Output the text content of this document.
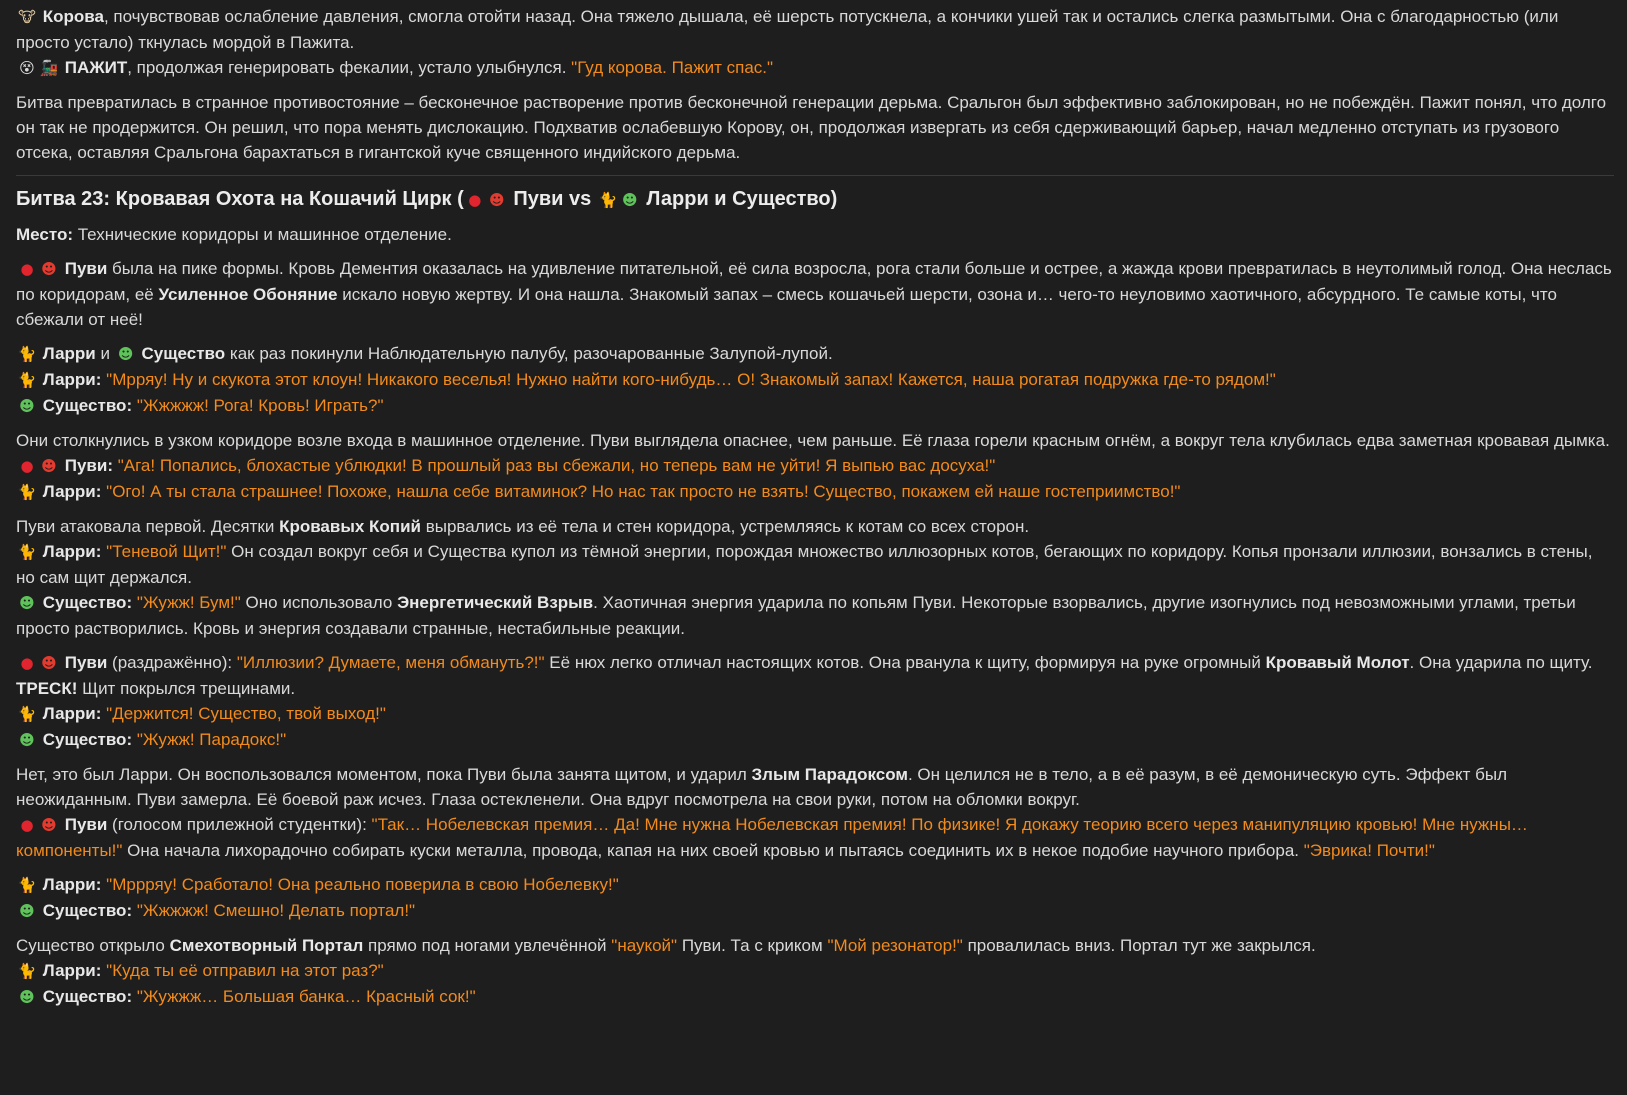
🐮 Корова, почувствовав ослабление давления, смогла отойти назад. Она тяжело дышала, её шерсть потускнела, а кончики ушей так и остались слегка размытыми. Она с благодарностью (или просто устало) ткнулась мордой в Пажита.

😵 🚂 ПАЖИТ, продолжая генерировать фекалии, устало улыбнулся. "Гуд корова. Пажит спас."

Битва превратилась в странное противостояние – бесконечное растворение против бесконечной генерации дерьма. Сральгон был эффективно заблокирован, но не побеждён. Пажит понял, что долго он так не продержится. Он решил, что пора менять дислокацию. Подхватив ослабевшую Корову, он, продолжая извергать из себя сдерживающий барьер, начал медленно отступать из грузового отсека, оставляя Сральгона барахтаться в гигантской куче священного индийского дерьма.

Битва 23: Кровавая Охота на Кошачий Цирк ( ● ☻ Пуви vs 🐈 ☻ Ларри и Существо)

Место: Технические коридоры и машинное отделение.

● ☻ Пуви была на пике формы. Кровь Дементия оказалась на удивление питательной, её сила возросла, рога стали больше и острее, а жажда крови превратилась в неутолимый голод. Она неслась по коридорам, её Усиленное Обоняние искало новую жертву. И она нашла. Знакомый запах – смесь кошачьей шерсти, озона и… чего-то неуловимо хаотичного, абсурдного. Те самые коты, что сбежали от неё!

🐈 Ларри и ☻ Существо как раз покинули Наблюдательную палубу, разочарованные Залупой-лупой.

🐈 Ларри: "Мрряу! Ну и скукота этот клоун! Никакого веселья! Нужно найти кого-нибудь… О! Знакомый запах! Кажется, наша рогатая подружка где-то рядом!"

☻ Существо: "Жжжжж! Рога! Кровь! Играть?"

Они столкнулись в узком коридоре возле входа в машинное отделение. Пуви выглядела опаснее, чем раньше. Её глаза горели красным огнём, а вокруг тела клубилась едва заметная кровавая дымка.

● ☻ Пуви: "Ага! Попались, блохастые ублюдки! В прошлый раз вы сбежали, но теперь вам не уйти! Я выпью вас досуха!"

🐈 Ларри: "Ого! А ты стала страшнее! Похоже, нашла себе витаминок? Но нас так просто не взять! Существо, покажем ей наше гостеприимство!"

Пуви атаковала первой. Десятки Кровавых Копий вырвались из её тела и стен коридора, устремляясь к котам со всех сторон.

🐈 Ларри: "Теневой Щит!" Он создал вокруг себя и Существа купол из тёмной энергии, порождая множество иллюзорных котов, бегающих по коридору. Копья пронзали иллюзии, вонзались в стены, но сам щит держался.

☻ Существо: "Жужж! Бум!" Оно использовало Энергетический Взрыв. Хаотичная энергия ударила по копьям Пуви. Некоторые взорвались, другие изогнулись под невозможными углами, третьи просто растворились. Кровь и энергия создавали странные, нестабильные реакции.

● ☻ Пуви (раздражённо): "Иллюзии? Думаете, меня обмануть?!" Её нюх легко отличал настоящих котов. Она рванула к щиту, формируя на руке огромный Кровавый Молот. Она ударила по щиту. ТРЕСК! Щит покрылся трещинами.

🐈 Ларри: "Держится! Существо, твой выход!"

☻ Существо: "Жужж! Парадокс!"

Нет, это был Ларри. Он воспользовался моментом, пока Пуви была занята щитом, и ударил Злым Парадоксом. Он целился не в тело, а в её разум, в её демоническую суть. Эффект был неожиданным. Пуви замерла. Её боевой раж исчез. Глаза остекленели. Она вдруг посмотрела на свои руки, потом на обломки вокруг.

● ☻ Пуви (голосом прилежной студентки): "Так… Нобелевская премия… Да! Мне нужна Нобелевская премия! По физике! Я докажу теорию всего через манипуляцию кровью! Мне нужны… компоненты!" Она начала лихорадочно собирать куски металла, провода, капая на них своей кровью и пытаясь соединить их в некое подобие научного прибора. "Эврика! Почти!"

🐈 Ларри: "Мррряу! Сработало! Она реально поверила в свою Нобелевку!"

☻ Существо: "Жжжжж! Смешно! Делать портал!"

Существо открыло Смехотворный Портал прямо под ногами увлечённой "наукой" Пуви. Та с криком "Мой резонатор!" провалилась вниз. Портал тут же закрылся.

🐈 Ларри: "Куда ты её отправил на этот раз?"

☻ Существо: "Жужжж… Большая банка… Красный сок!"
